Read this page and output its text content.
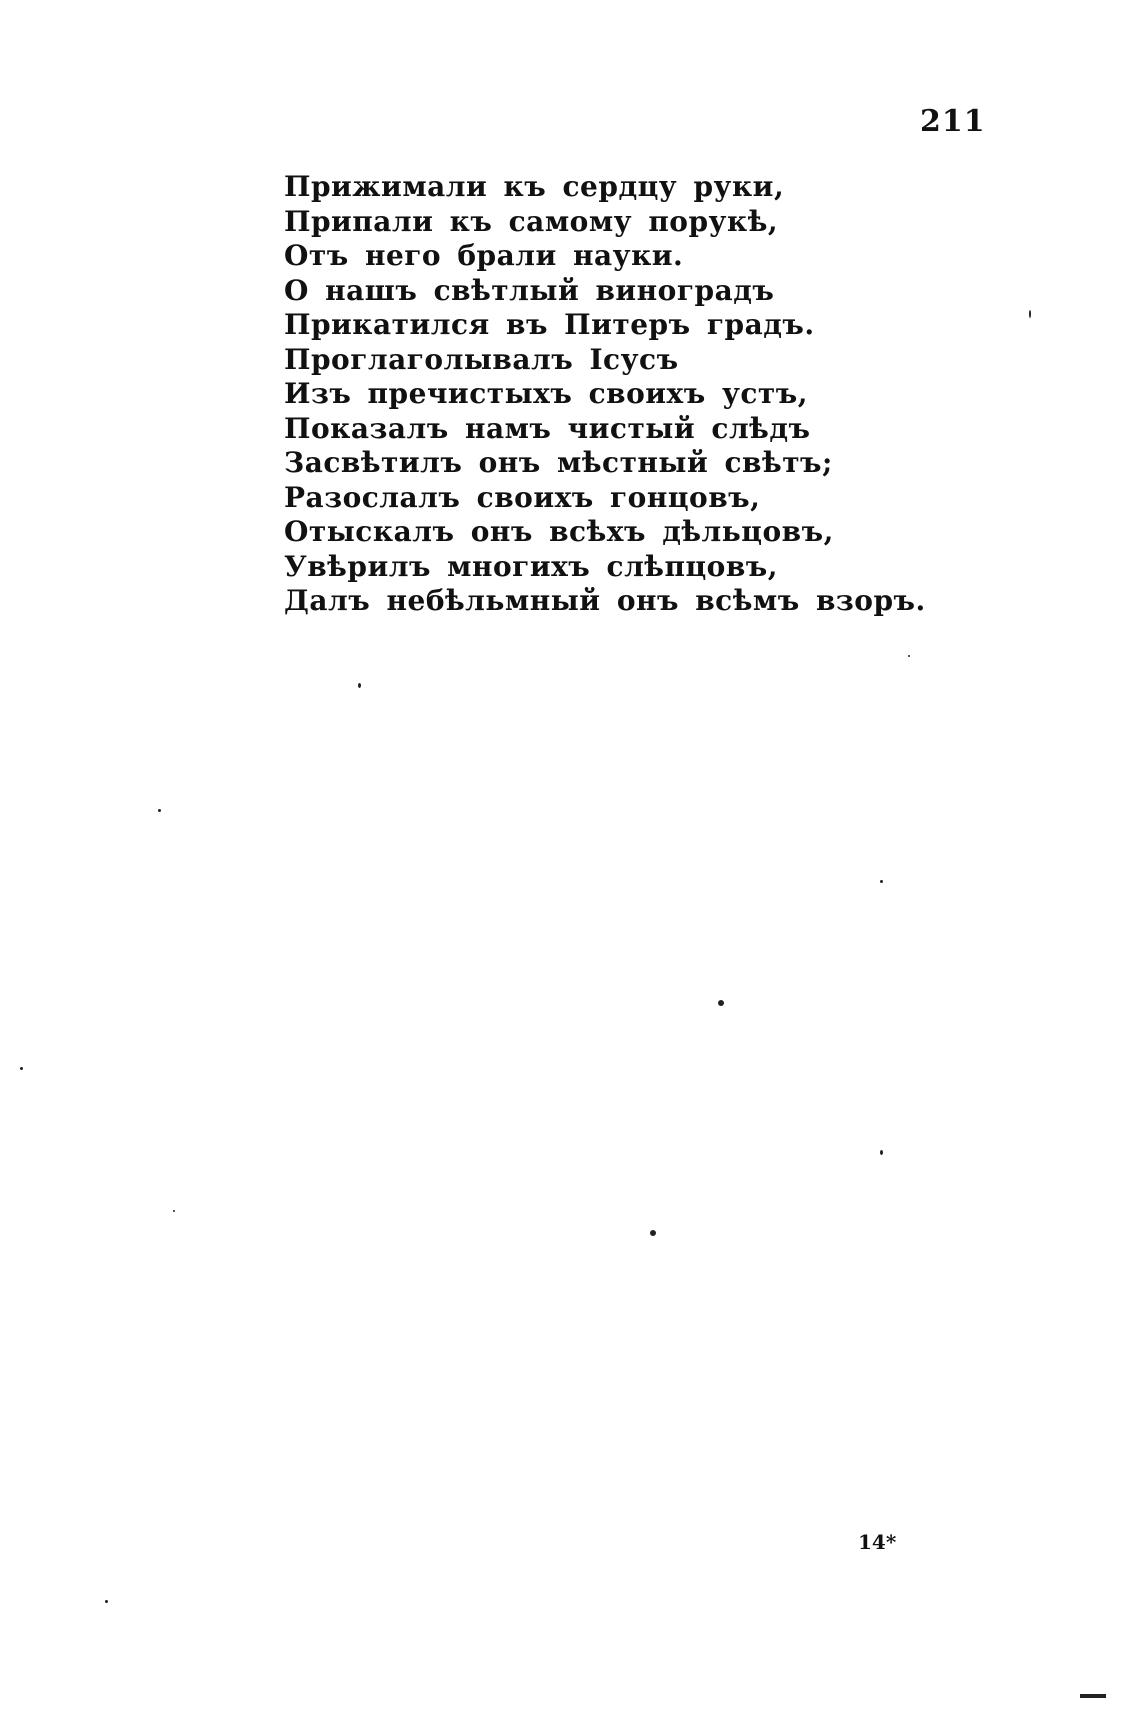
211
Прижимали къ сердцу руки,
Припали къ самому порукѣ,
Отъ него брали науки.
О нашъ свѣтлый виноградъ
Прикатился въ Питеръ градъ.
Проглаголывалъ Iсусъ
Изъ пречистыхъ своихъ устъ,
Показалъ намъ чистый слѣдъ
Засвѣтилъ онъ мѣстный свѣтъ;
Разослалъ своихъ гонцовъ,
Отыскалъ онъ всѣхъ дѣльцовъ,
Увѣрилъ многихъ слѣпцовъ,
Далъ небѣльмный онъ всѣмъ взоръ.
14*
